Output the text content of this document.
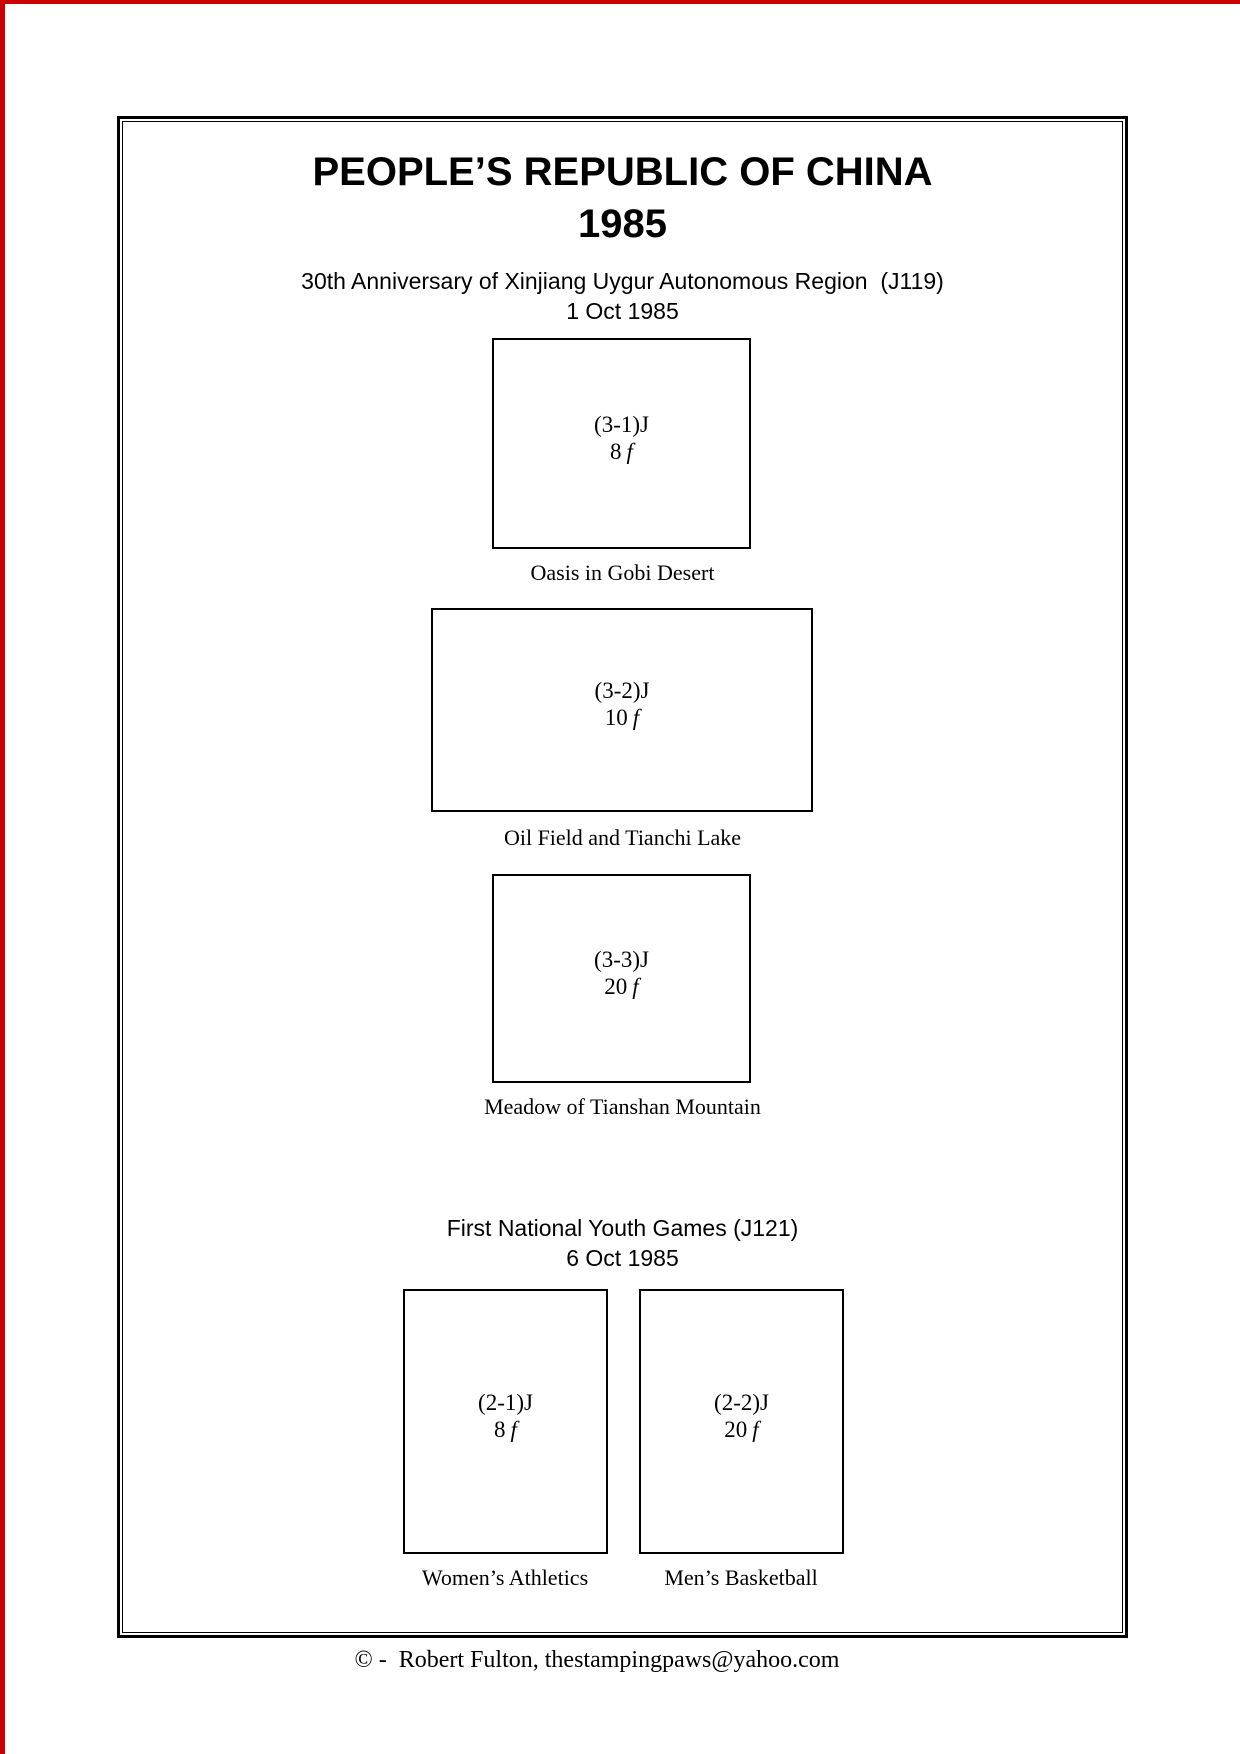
PEOPLE’S REPUBLIC OF CHINA
1985
30th Anniversary of Xinjiang Uygur Autonomous Region  (J119)
1 Oct 1985
(3-1)J
8 f
Oasis in Gobi Desert
(3-2)J
10 f
Oil Field and Tianchi Lake
(3-3)J
20 f
Meadow of Tianshan Mountain
First National Youth Games (J121)
6 Oct 1985
(2-1)J
8 f
Women’s Athletics
(2-2)J
20 f
Men’s Basketball
© -  Robert Fulton, thestampingpaws@yahoo.com
